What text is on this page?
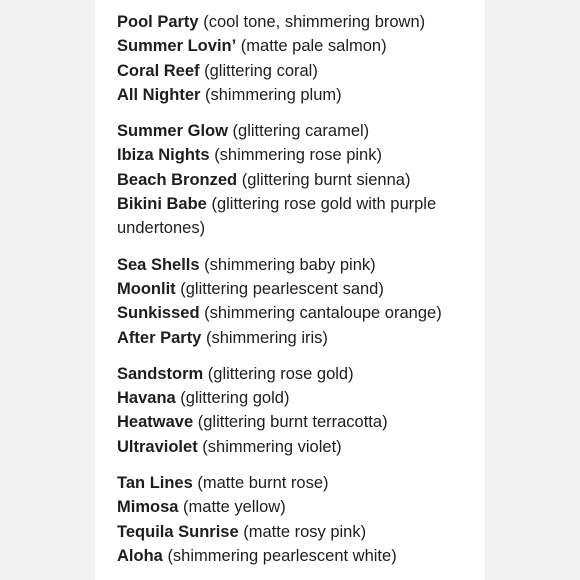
Pool Party (cool tone, shimmering brown)
Summer Lovin’ (matte pale salmon)
Coral Reef (glittering coral)
All Nighter (shimmering plum)
Summer Glow (glittering caramel)
Ibiza Nights (shimmering rose pink)
Beach Bronzed (glittering burnt sienna)
Bikini Babe (glittering rose gold with purple undertones)
Sea Shells (shimmering baby pink)
Moonlit (glittering pearlescent sand)
Sunkissed (shimmering cantaloupe orange)
After Party (shimmering iris)
Sandstorm (glittering rose gold)
Havana (glittering gold)
Heatwave (glittering burnt terracotta)
Ultraviolet (shimmering violet)
Tan Lines (matte burnt rose)
Mimosa (matte yellow)
Tequila Sunrise (matte rosy pink)
Aloha (shimmering pearlescent white)
